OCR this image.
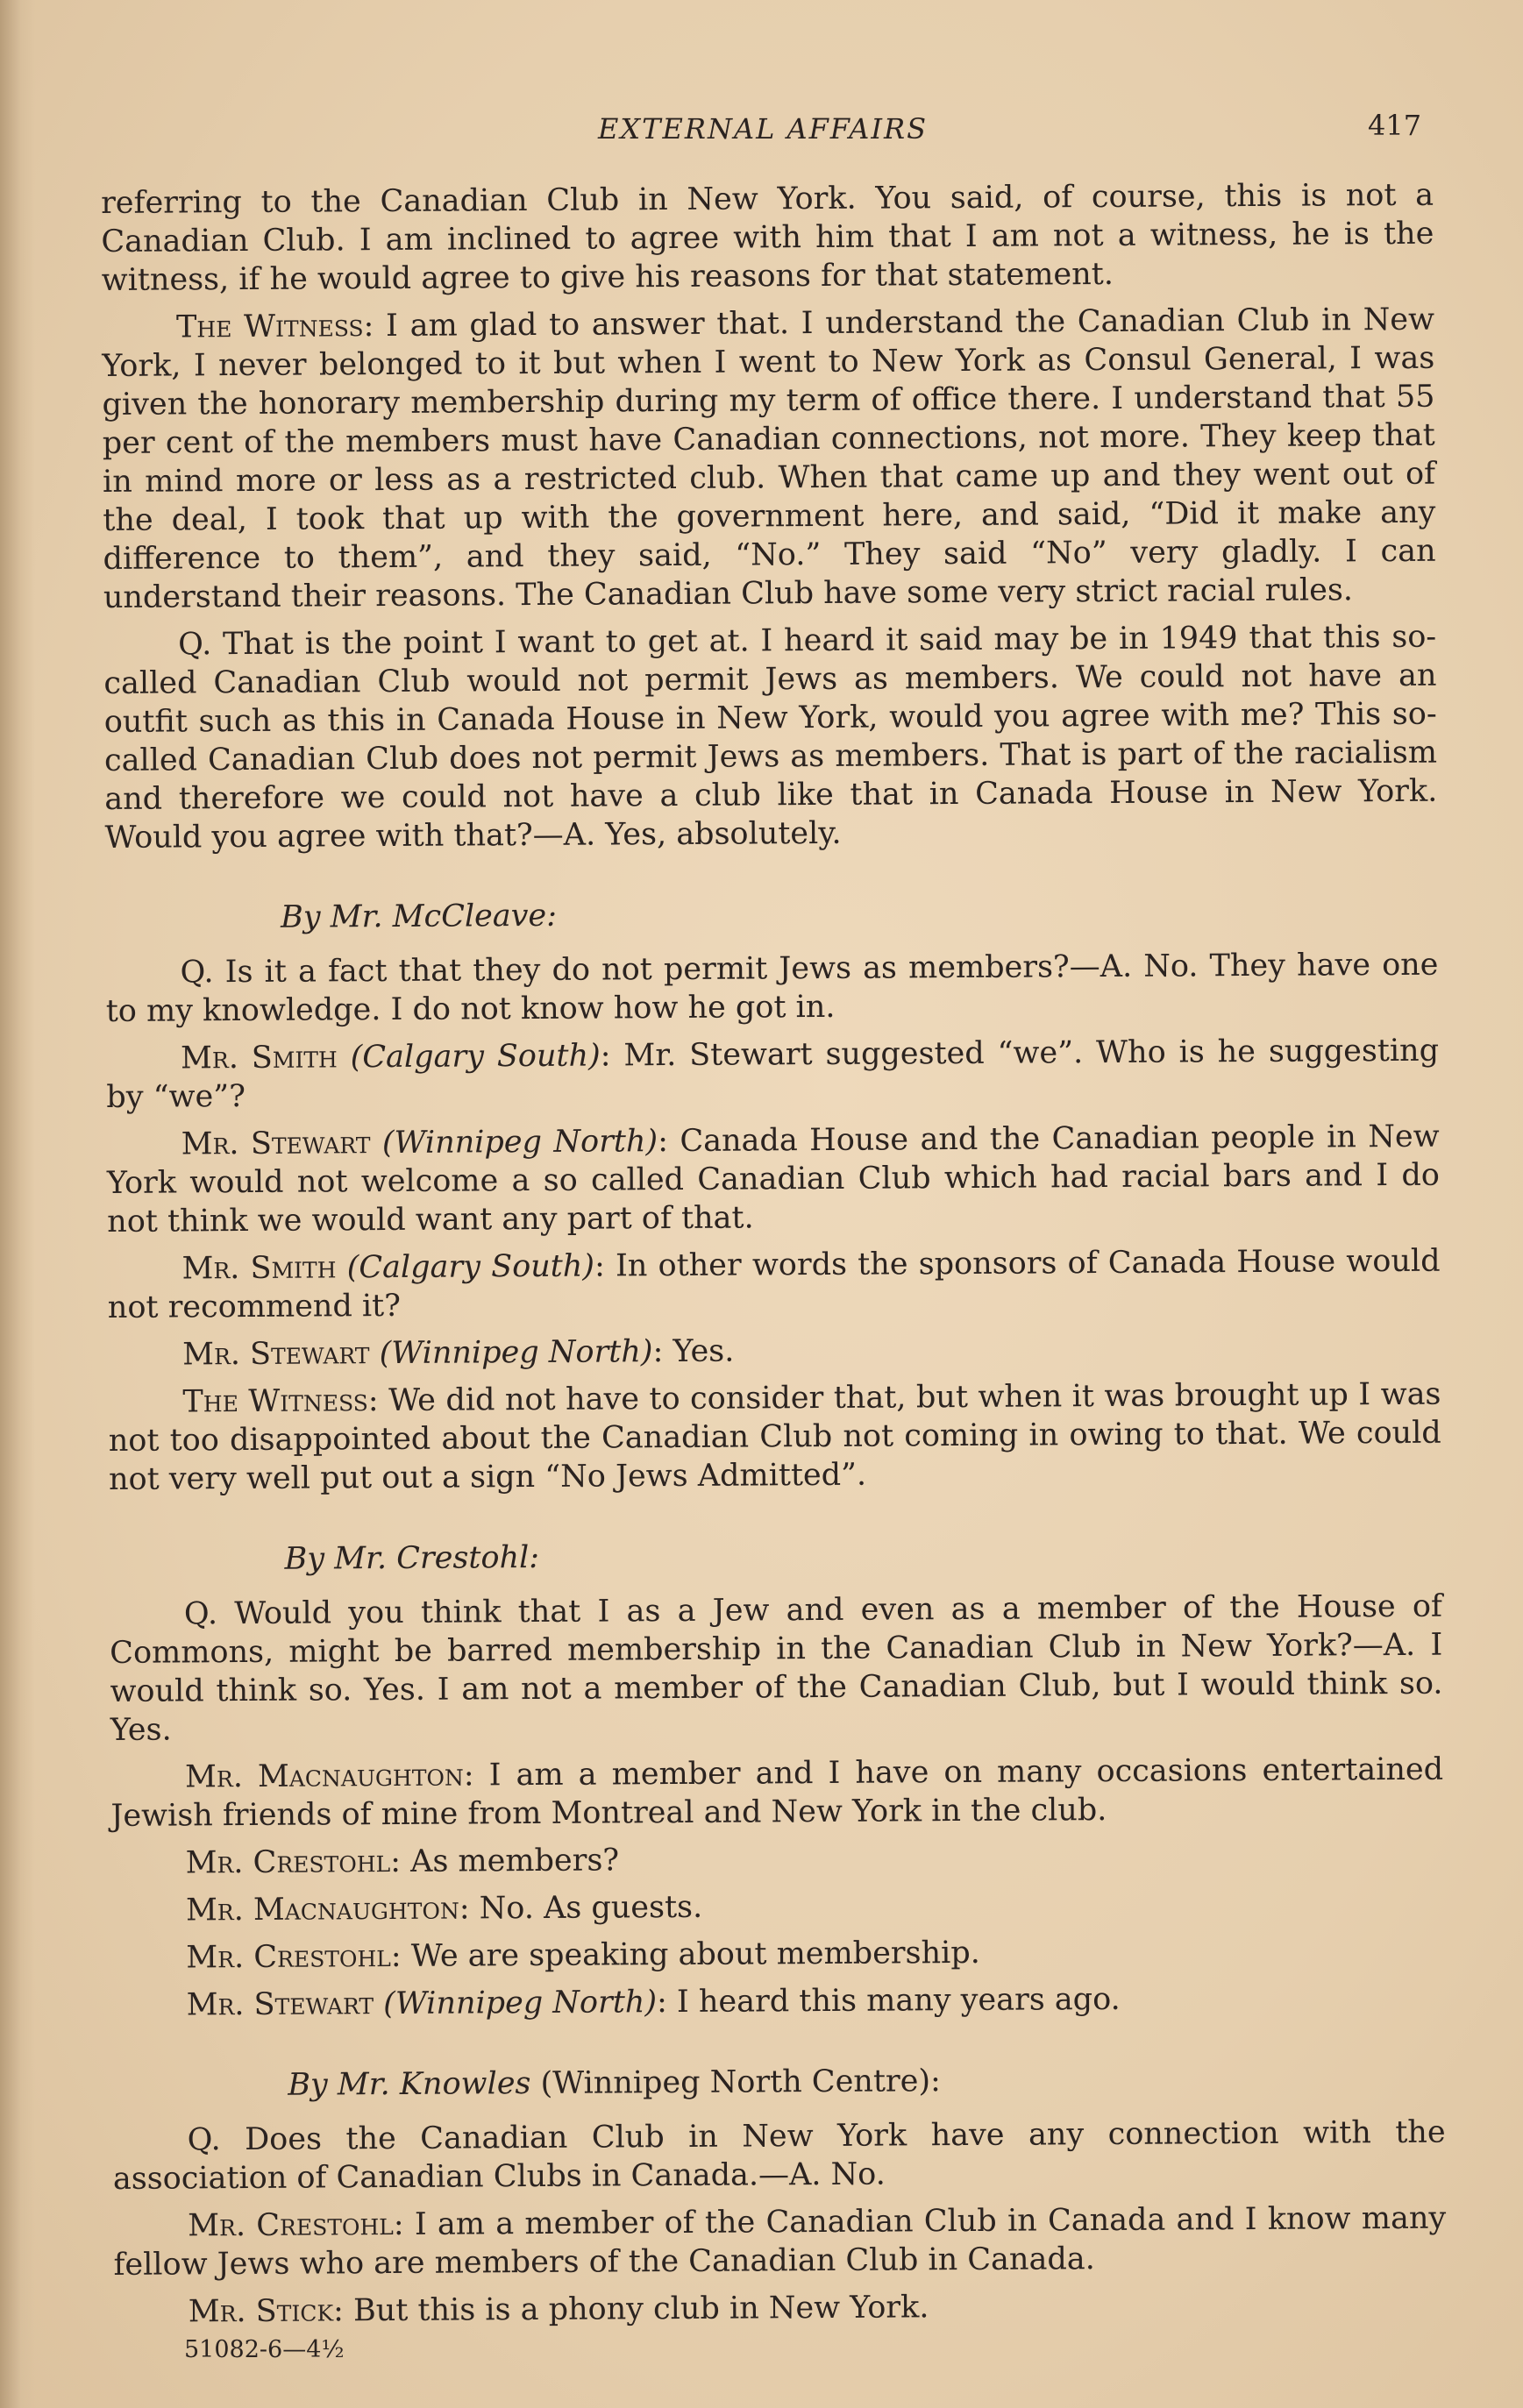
EXTERNAL AFFAIRS	417

referring to the Canadian Club in New York. You said, of course, this is not a Canadian Club. I am inclined to agree with him that I am not a witness, he is the witness, if he would agree to give his reasons for that statement.

The Witness: I am glad to answer that. I understand the Canadian Club in New York, I never belonged to it but when I went to New York as Consul General, I was given the honorary membership during my term of office there. I understand that 55 per cent of the members must have Canadian connections, not more. They keep that in mind more or less as a restricted club. When that came up and they went out of the deal, I took that up with the government here, and said, “Did it make any difference to them”, and they said, “No.” They said “No” very gladly. I can understand their reasons. The Canadian Club have some very strict racial rules.

Q. That is the point I want to get at. I heard it said may be in 1949 that this so-called Canadian Club would not permit Jews as members. We could not have an outfit such as this in Canada House in New York, would you agree with me? This so-called Canadian Club does not permit Jews as members. That is part of the racialism and therefore we could not have a club like that in Canada House in New York. Would you agree with that?—A. Yes, absolutely.

By Mr. McCleave:

Q. Is it a fact that they do not permit Jews as members?—A. No. They have one to my knowledge. I do not know how he got in.

Mr. Smith (Calgary South): Mr. Stewart suggested “we”. Who is he suggesting by “we”?

Mr. Stewart (Winnipeg North): Canada House and the Canadian people in New York would not welcome a so called Canadian Club which had racial bars and I do not think we would want any part of that.

Mr. Smith (Calgary South): In other words the sponsors of Canada House would not recommend it?

Mr. Stewart (Winnipeg North): Yes.

The Witness: We did not have to consider that, but when it was brought up I was not too disappointed about the Canadian Club not coming in owing to that. We could not very well put out a sign “No Jews Admitted”.

By Mr. Crestohl:

Q. Would you think that I as a Jew and even as a member of the House of Commons, might be barred membership in the Canadian Club in New York?—A. I would think so. Yes. I am not a member of the Canadian Club, but I would think so. Yes.

Mr. Macnaughton: I am a member and I have on many occasions entertained Jewish friends of mine from Montreal and New York in the club.

Mr. Crestohl: As members?

Mr. Macnaughton: No. As guests.

Mr. Crestohl: We are speaking about membership.

Mr. Stewart (Winnipeg North): I heard this many years ago.

By Mr. Knowles (Winnipeg North Centre):

Q. Does the Canadian Club in New York have any connection with the association of Canadian Clubs in Canada.—A. No.

Mr. Crestohl: I am a member of the Canadian Club in Canada and I know many fellow Jews who are members of the Canadian Club in Canada.

Mr. Stick: But this is a phony club in New York.

51082-6—4½
